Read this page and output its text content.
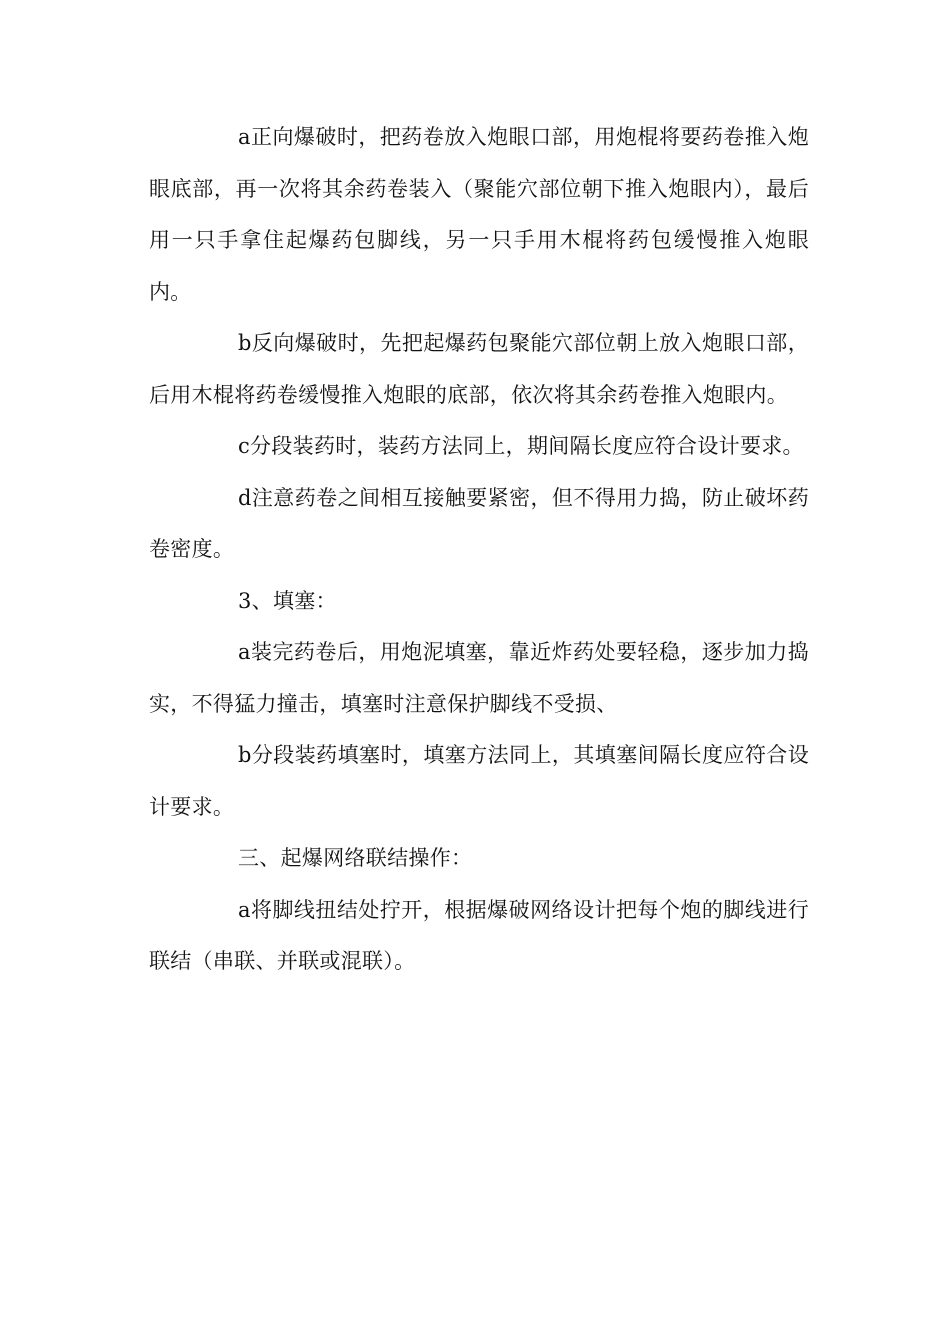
a正向爆破时，把药卷放入炮眼口部，用炮棍将要药卷推入炮眼底部，再一次将其余药卷装入（聚能穴部位朝下推入炮眼内），最后用一只手拿住起爆药包脚线，另一只手用木棍将药包缓慢推入炮眼内。

b反向爆破时，先把起爆药包聚能穴部位朝上放入炮眼口部，后用木棍将药卷缓慢推入炮眼的底部，依次将其余药卷推入炮眼内。

c分段装药时，装药方法同上，期间隔长度应符合设计要求。

d注意药卷之间相互接触要紧密，但不得用力捣，防止破坏药卷密度。

3、填塞：

a装完药卷后，用炮泥填塞，靠近炸药处要轻稳，逐步加力捣实，不得猛力撞击，填塞时注意保护脚线不受损、

b分段装药填塞时，填塞方法同上，其填塞间隔长度应符合设计要求。

三、起爆网络联结操作：

a将脚线扭结处拧开，根据爆破网络设计把每个炮的脚线进行联结（串联、并联或混联）。
